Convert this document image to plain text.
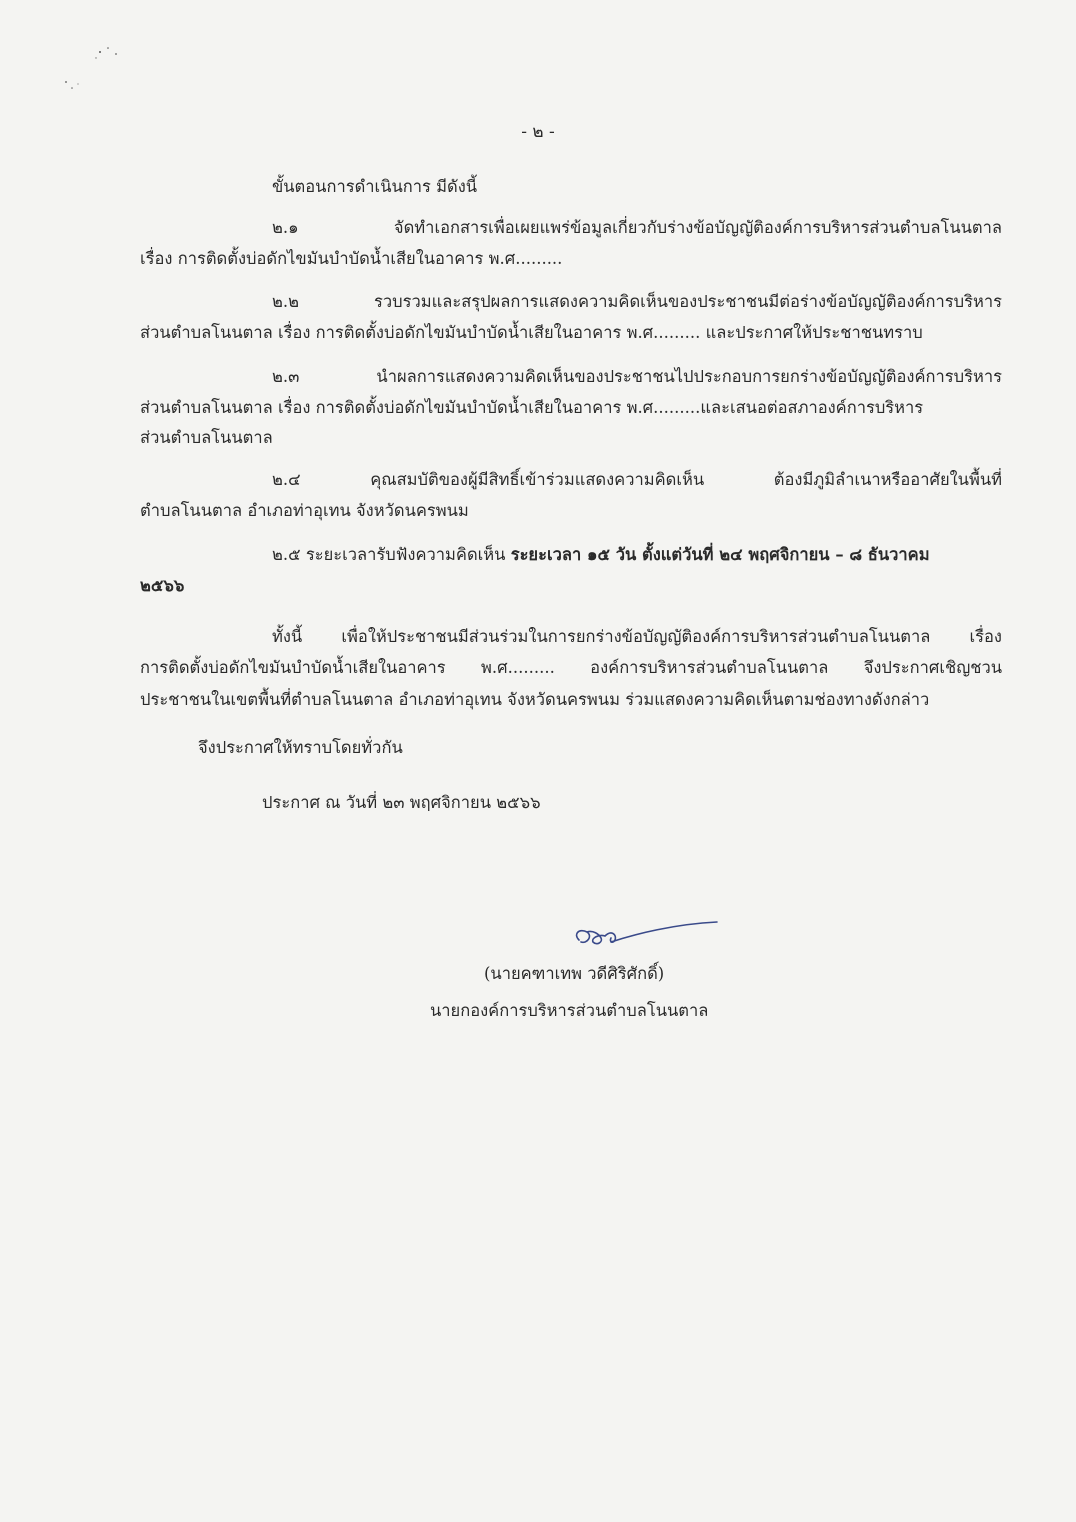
- ๒ -
ขั้นตอนการดำเนินการ มีดังนี้
๒.๑ จัดทำเอกสารเพื่อเผยแพร่ข้อมูลเกี่ยวกับร่างข้อบัญญัติองค์การบริหารส่วนตำบลโนนตาล
เรื่อง การติดตั้งบ่อดักไขมันบำบัดน้ำเสียในอาคาร พ.ศ.........
๒.๒ รวบรวมและสรุปผลการแสดงความคิดเห็นของประชาชนมีต่อร่างข้อบัญญัติองค์การบริหาร
ส่วนตำบลโนนตาล เรื่อง การติดตั้งบ่อดักไขมันบำบัดน้ำเสียในอาคาร พ.ศ......... และประกาศให้ประชาชนทราบ
๒.๓ นำผลการแสดงความคิดเห็นของประชาชนไปประกอบการยกร่างข้อบัญญัติองค์การบริหาร
ส่วนตำบลโนนตาล เรื่อง การติดตั้งบ่อดักไขมันบำบัดน้ำเสียในอาคาร พ.ศ.........และเสนอต่อสภาองค์การบริหาร
ส่วนตำบลโนนตาล
๒.๔ คุณสมบัติของผู้มีสิทธิ์เข้าร่วมแสดงความคิดเห็น ต้องมีภูมิลำเนาหรืออาศัยในพื้นที่
ตำบลโนนตาล อำเภอท่าอุเทน จังหวัดนครพนม
๒.๕ ระยะเวลารับฟังความคิดเห็น ระยะเวลา ๑๕ วัน ตั้งแต่วันที่ ๒๔ พฤศจิกายน – ๘ ธันวาคม
๒๕๖๖
ทั้งนี้ เพื่อให้ประชาชนมีส่วนร่วมในการยกร่างข้อบัญญัติองค์การบริหารส่วนตำบลโนนตาล เรื่อง
การติดตั้งบ่อดักไขมันบำบัดน้ำเสียในอาคาร พ.ศ......... องค์การบริหารส่วนตำบลโนนตาล จึงประกาศเชิญชวน
ประชาชนในเขตพื้นที่ตำบลโนนตาล อำเภอท่าอุเทน จังหวัดนครพนม ร่วมแสดงความคิดเห็นตามช่องทางดังกล่าว
จึงประกาศให้ทราบโดยทั่วกัน
ประกาศ ณ วันที่ ๒๓ พฤศจิกายน ๒๕๖๖
(นายคฑาเทพ วดีศิริศักดิ์)
นายกองค์การบริหารส่วนตำบลโนนตาล
